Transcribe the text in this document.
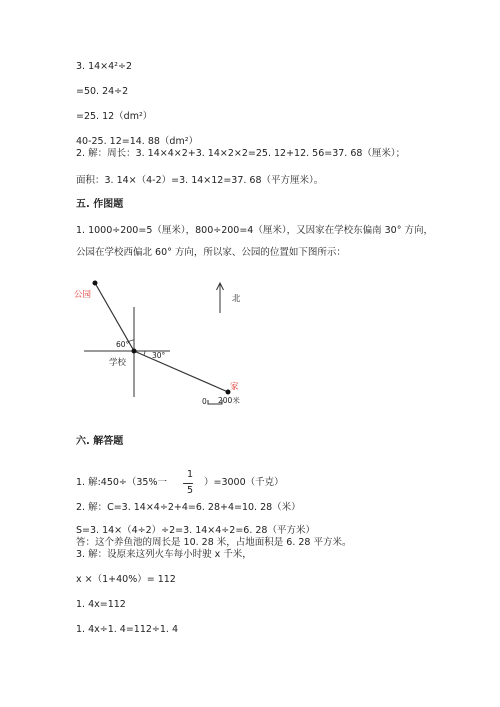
3. 14×4²÷2
=50. 24÷2
=25. 12（dm²）
40-25. 12=14. 88（dm²）
2. 解：周长：3. 14×4×2+3. 14×2×2=25. 12+12. 56=37. 68（厘米）；
面积：3. 14×（4-2）=3. 14×12=37. 68（平方厘米）。
五. 作图题
1. 1000÷200=5（厘米），800÷200=4（厘米），又因家在学校东偏南 30° 方向，
公园在学校西偏北 60° 方向，所以家、公园的位置如下图所示：
公园
学校
家
北
60°
30°
0 200米
六. 解答题
1. 解:450÷（35%一
1
5
）=3000（千克）
2. 解：C=3. 14×4÷2+4=6. 28+4=10. 28（米）
S=3. 14×（4÷2）÷2=3. 14×4÷2=6. 28（平方米）
答：这个养鱼池的周长是 10. 28 米，占地面积是 6. 28 平方米。
3. 解：设原来这列火车每小时驶 x 千米，
x ×（1+40%）= 112
1. 4x=112
1. 4x÷1. 4=112÷1. 4
